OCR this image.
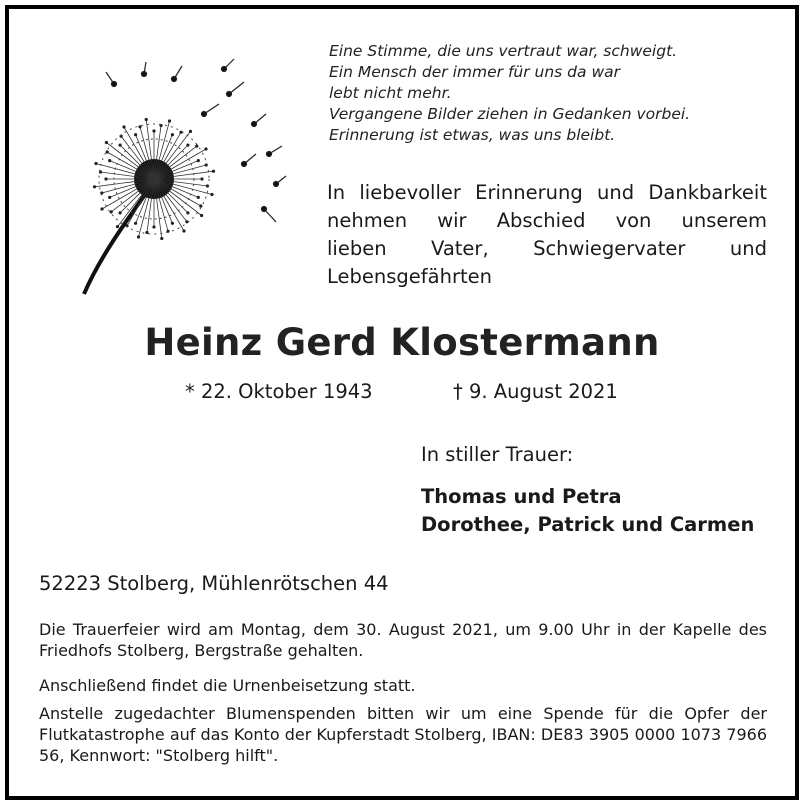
Eine Stimme, die uns vertraut war, schweigt.
Ein Mensch der immer für uns da war
lebt nicht mehr.
Vergangene Bilder ziehen in Gedanken vorbei.
Erinnerung ist etwas, was uns bleibt.
In liebevoller Erinnerung und Dankbarkeit
nehmen wir Abschied von unserem
lieben Vater, Schwiegervater und
Lebensgefährten
Heinz Gerd Klostermann
* 22. Oktober 1943	† 9. August 2021
In stiller Trauer:
Thomas und Petra
Dorothee, Patrick und Carmen
52223 Stolberg, Mühlenrötschen 44
Die Trauerfeier wird am Montag, dem 30. August 2021, um 9.00 Uhr in der Kapelle des Friedhofs Stolberg, Bergstraße gehalten.
Anschließend findet die Urnenbeisetzung statt.
Anstelle zugedachter Blumenspenden bitten wir um eine Spende für die Opfer der Flutkatastrophe auf das Konto der Kupferstadt Stolberg, IBAN: DE83 3905 0000 1073 7966 56, Kennwort: "Stolberg hilft".
